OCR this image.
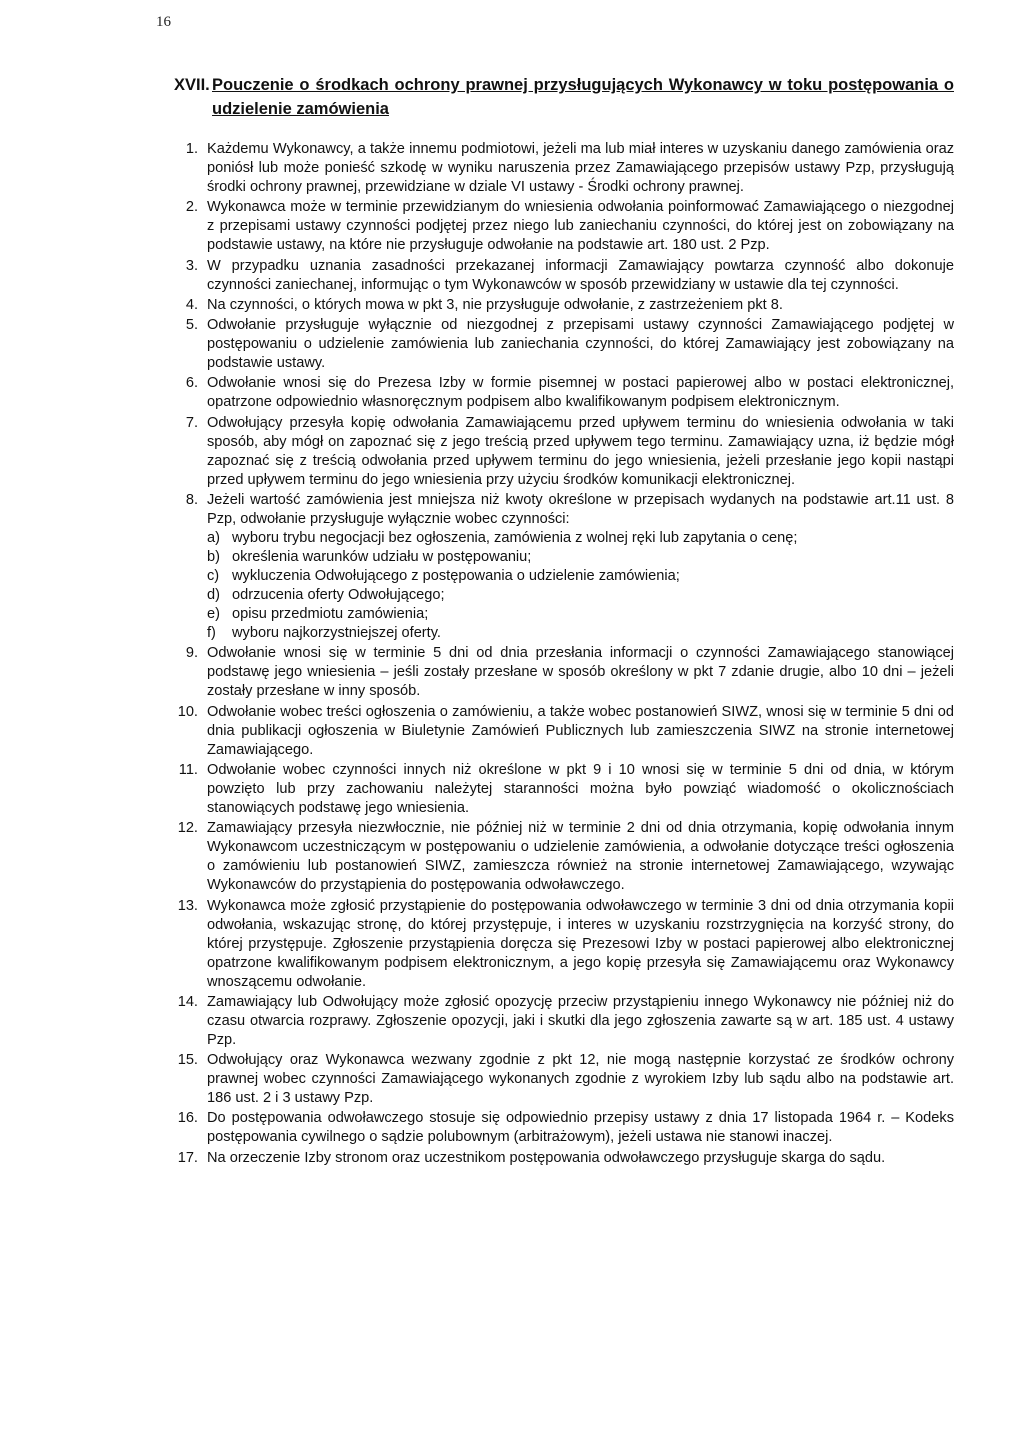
16
XVII. Pouczenie o środkach ochrony prawnej przysługujących Wykonawcy w toku postępowania o udzielenie zamówienia
1. Każdemu Wykonawcy, a także innemu podmiotowi, jeżeli ma lub miał interes w uzyskaniu danego zamówienia oraz poniósł lub może ponieść szkodę w wyniku naruszenia przez Zamawiającego przepisów ustawy Pzp, przysługują środki ochrony prawnej, przewidziane w dziale VI ustawy - Środki ochrony prawnej.
2. Wykonawca może w terminie przewidzianym do wniesienia odwołania poinformować Zamawiającego o niezgodnej z przepisami ustawy czynności podjętej przez niego lub zaniechaniu czynności, do której jest on zobowiązany na podstawie ustawy, na które nie przysługuje odwołanie na podstawie art. 180 ust. 2 Pzp.
3. W przypadku uznania zasadności przekazanej informacji Zamawiający powtarza czynność albo dokonuje czynności zaniechanej, informując o tym Wykonawców w sposób przewidziany w ustawie dla tej czynności.
4. Na czynności, o których mowa w pkt 3, nie przysługuje odwołanie, z zastrzeżeniem pkt 8.
5. Odwołanie przysługuje wyłącznie od niezgodnej z przepisami ustawy czynności Zamawiającego podjętej w postępowaniu o udzielenie zamówienia lub zaniechania czynności, do której Zamawiający jest zobowiązany na podstawie ustawy.
6. Odwołanie wnosi się do Prezesa Izby w formie pisemnej w postaci papierowej albo w postaci elektronicznej, opatrzone odpowiednio własnoręcznym podpisem albo kwalifikowanym podpisem elektronicznym.
7. Odwołujący przesyła kopię odwołania Zamawiającemu przed upływem terminu do wniesienia odwołania w taki sposób, aby mógł on zapoznać się z jego treścią przed upływem tego terminu. Zamawiający uzna, iż będzie mógł zapoznać się z treścią odwołania przed upływem terminu do jego wniesienia, jeżeli przesłanie jego kopii nastąpi przed upływem terminu do jego wniesienia przy użyciu środków komunikacji elektronicznej.
8. Jeżeli wartość zamówienia jest mniejsza niż kwoty określone w przepisach wydanych na podstawie art.11 ust. 8 Pzp, odwołanie przysługuje wyłącznie wobec czynności:
a) wyboru trybu negocjacji bez ogłoszenia, zamówienia z wolnej ręki lub zapytania o cenę;
b) określenia warunków udziału w postępowaniu;
c) wykluczenia Odwołującego z postępowania o udzielenie zamówienia;
d) odrzucenia oferty Odwołującego;
e) opisu przedmiotu zamówienia;
f) wyboru najkorzystniejszej oferty.
9. Odwołanie wnosi się w terminie 5 dni od dnia przesłania informacji o czynności Zamawiającego stanowiącej podstawę jego wniesienia – jeśli zostały przesłane w sposób określony w pkt 7 zdanie drugie, albo 10 dni – jeżeli zostały przesłane w inny sposób.
10. Odwołanie wobec treści ogłoszenia o zamówieniu, a także wobec postanowień SIWZ, wnosi się w terminie 5 dni od dnia publikacji ogłoszenia w Biuletynie Zamówień Publicznych lub zamieszczenia SIWZ na stronie internetowej Zamawiającego.
11. Odwołanie wobec czynności innych niż określone w pkt 9 i 10 wnosi się w terminie 5 dni od dnia, w którym powzięto lub przy zachowaniu należytej staranności można było powziąć wiadomość o okolicznościach stanowiących podstawę jego wniesienia.
12. Zamawiający przesyła niezwłocznie, nie później niż w terminie 2 dni od dnia otrzymania, kopię odwołania innym Wykonawcom uczestniczącym w postępowaniu o udzielenie zamówienia, a odwołanie dotyczące treści ogłoszenia o zamówieniu lub postanowień SIWZ, zamieszcza również na stronie internetowej Zamawiającego, wzywając Wykonawców do przystąpienia do postępowania odwoławczego.
13. Wykonawca może zgłosić przystąpienie do postępowania odwoławczego w terminie 3 dni od dnia otrzymania kopii odwołania, wskazując stronę, do której przystępuje, i interes w uzyskaniu rozstrzygnięcia na korzyść strony, do której przystępuje. Zgłoszenie przystąpienia doręcza się Prezesowi Izby w postaci papierowej albo elektronicznej opatrzone kwalifikowanym podpisem elektronicznym, a jego kopię przesyła się Zamawiającemu oraz Wykonawcy wnoszącemu odwołanie.
14. Zamawiający lub Odwołujący może zgłosić opozycję przeciw przystąpieniu innego Wykonawcy nie później niż do czasu otwarcia rozprawy. Zgłoszenie opozycji, jaki i skutki dla jego zgłoszenia zawarte są w art. 185 ust. 4 ustawy Pzp.
15. Odwołujący oraz Wykonawca wezwany zgodnie z pkt 12, nie mogą następnie korzystać ze środków ochrony prawnej wobec czynności Zamawiającego wykonanych zgodnie z wyrokiem Izby lub sądu albo na podstawie art. 186 ust. 2 i 3 ustawy Pzp.
16. Do postępowania odwoławczego stosuje się odpowiednio przepisy ustawy z dnia 17 listopada 1964 r. – Kodeks postępowania cywilnego o sądzie polubownym (arbitrażowym), jeżeli ustawa nie stanowi inaczej.
17. Na orzeczenie Izby stronom oraz uczestnikom postępowania odwoławczego przysługuje skarga do sądu.
